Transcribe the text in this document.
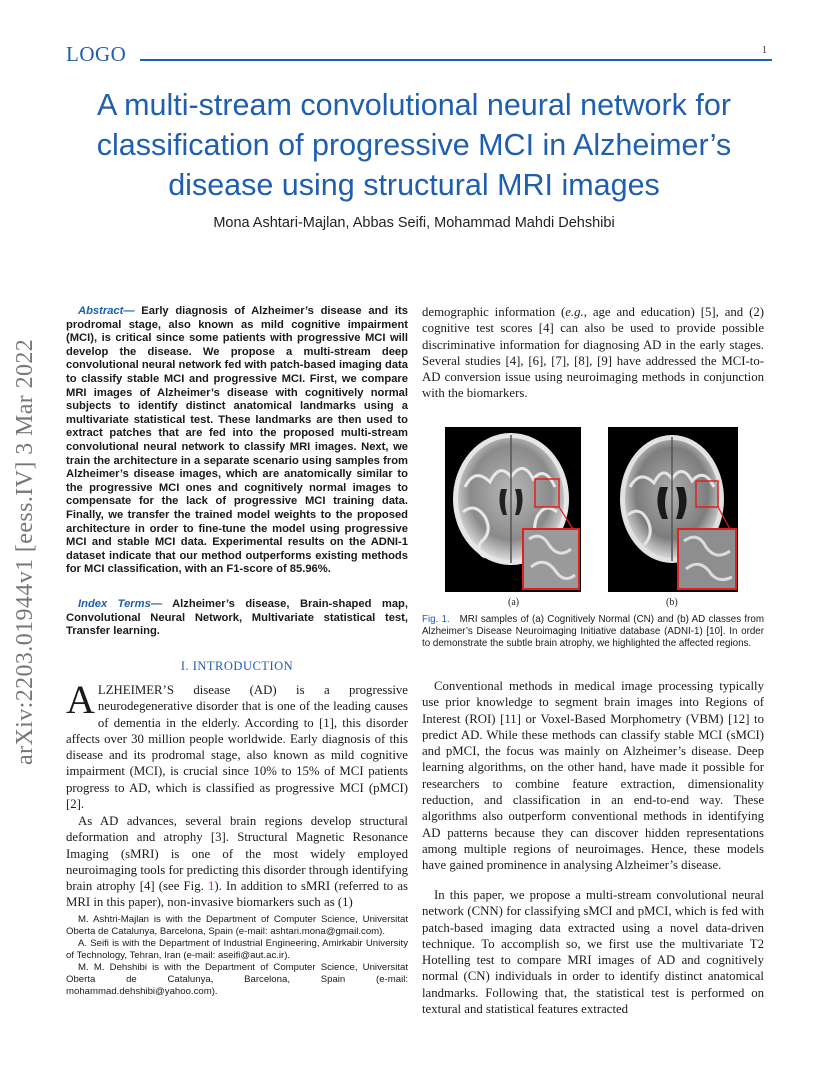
LOGO	1
arXiv:2203.01944v1 [eess.IV] 3 Mar 2022
A multi-stream convolutional neural network for classification of progressive MCI in Alzheimer’s disease using structural MRI images
Mona Ashtari-Majlan, Abbas Seifi, Mohammad Mahdi Dehshibi
Abstract— Early diagnosis of Alzheimer’s disease and its prodromal stage, also known as mild cognitive impairment (MCI), is critical since some patients with progressive MCI will develop the disease. We propose a multi-stream deep convolutional neural network fed with patch-based imaging data to classify stable MCI and progressive MCI. First, we compare MRI images of Alzheimer’s disease with cognitively normal subjects to identify distinct anatomical landmarks using a multivariate statistical test. These landmarks are then used to extract patches that are fed into the proposed multi-stream convolutional neural network to classify MRI images. Next, we train the architecture in a separate scenario using samples from Alzheimer’s disease images, which are anatomically similar to the progressive MCI ones and cognitively normal images to compensate for the lack of progressive MCI training data. Finally, we transfer the trained model weights to the proposed architecture in order to fine-tune the model using progressive MCI and stable MCI data. Experimental results on the ADNI-1 dataset indicate that our method outperforms existing methods for MCI classification, with an F1-score of 85.96%.
Index Terms— Alzheimer’s disease, Brain-shaped map, Convolutional Neural Network, Multivariate statistical test, Transfer learning.
I. INTRODUCTION

ALZHEIMER’S disease (AD) is a progressive neurodegenerative disorder that is one of the leading causes of dementia in the elderly. According to [1], this disorder affects over 30 million people worldwide. Early diagnosis of this disease and its prodromal stage, also known as mild cognitive impairment (MCI), is crucial since 10% to 15% of MCI patients progress to AD, which is classified as progressive MCI (pMCI) [2].

As AD advances, several brain regions develop structural deformation and atrophy [3]. Structural Magnetic Resonance Imaging (sMRI) is one of the most widely employed neuroimaging tools for predicting this disorder through identifying brain atrophy [4] (see Fig. 1). In addition to sMRI (referred to as MRI in this paper), non-invasive biomarkers such as (1)

M. Ashtri-Majlan is with the Department of Computer Science, Universitat Oberta de Catalunya, Barcelona, Spain (e-mail: ashtari.mona@gmail.com).

A. Seifi is with the Department of Industrial Engineering, Amirkabir University of Technology, Tehran, Iran (e-mail: aseifi@aut.ac.ir).

M. M. Dehshibi is with the Department of Computer Science, Universitat Oberta de Catalunya, Barcelona, Spain (e-mail: mohammad.dehshibi@yahoo.com).

demographic information (e.g., age and education) [5], and (2) cognitive test scores [4] can also be used to provide possible discriminative information for diagnosing AD in the early stages. Several studies [4], [6], [7], [8], [9] have addressed the MCI-to-AD conversion issue using neuroimaging methods in conjunction with the biomarkers.

(a)	(b)
Fig. 1. MRI samples of (a) Cognitively Normal (CN) and (b) AD classes from Alzheimer’s Disease Neuroimaging Initiative database (ADNI-1) [10]. In order to demonstrate the subtle brain atrophy, we highlighted the affected regions.

Conventional methods in medical image processing typically use prior knowledge to segment brain images into Regions of Interest (ROI) [11] or Voxel-Based Morphometry (VBM) [12] to predict AD. While these methods can classify stable MCI (sMCI) and pMCI, the focus was mainly on Alzheimer’s disease. Deep learning algorithms, on the other hand, have made it possible for researchers to combine feature extraction, dimensionality reduction, and classification in an end-to-end way. These algorithms also outperform conventional methods in identifying AD patterns because they can discover hidden representations among multiple regions of neuroimages. Hence, these models have gained prominence in analysing Alzheimer’s disease.

In this paper, we propose a multi-stream convolutional neural network (CNN) for classifying sMCI and pMCI, which is fed with patch-based imaging data extracted using a novel data-driven technique. To accomplish so, we first use the multivariate T2 Hotelling test to compare MRI images of AD and cognitively normal (CN) individuals in order to identify distinct anatomical landmarks. Following that, the statistical test is performed on textural and statistical features extracted
